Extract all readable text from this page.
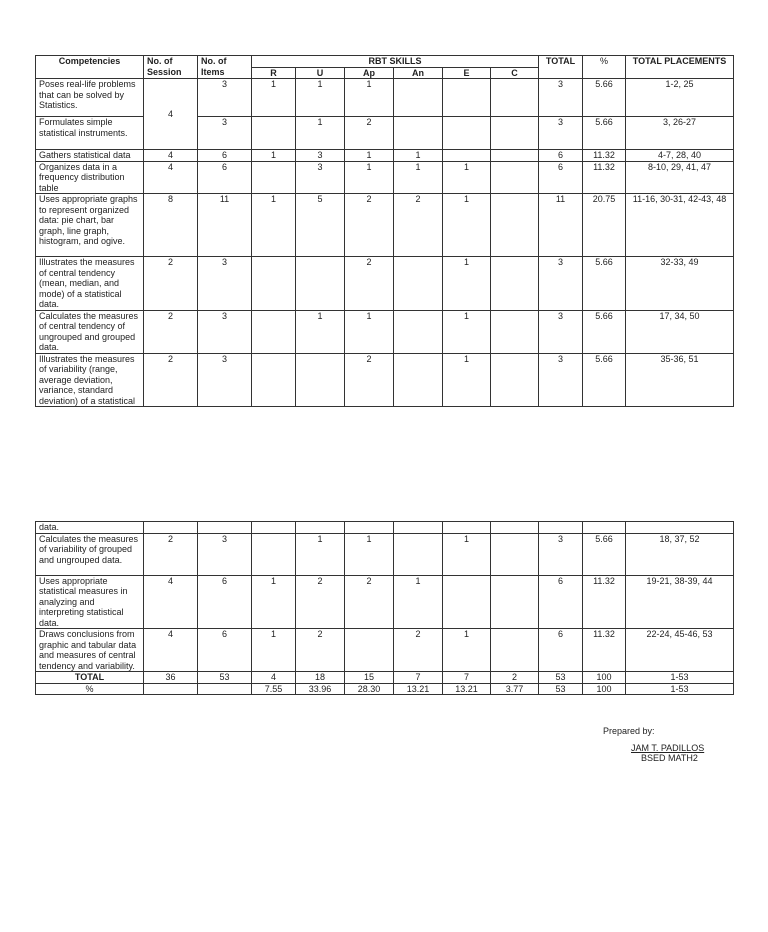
Competencies	No. of Session	No. of Items	RBT SKILLS						TOTAL	%	TOTAL PLACEMENTS
			R	U	Ap	An	E	C			
Poses real-life problems that can be solved by Statistics.	4	3	1	1	1				3	5.66	1-2, 25
Formulates simple statistical instruments.		3		1	2				3	5.66	3, 26-27
Gathers statistical data	4	6	1	3	1	1			6	11.32	4-7, 28, 40
Organizes data in a frequency distribution table	4	6		3	1	1	1		6	11.32	8-10, 29, 41, 47
Uses appropriate graphs to represent organized data: pie chart, bar graph, line graph, histogram, and ogive.	8	11	1	5	2	2	1		11	20.75	11-16, 30-31, 42-43, 48
Illustrates the measures of central tendency (mean, median, and mode) of a statistical data.	2	3			2		1		3	5.66	32-33, 49
Calculates the measures of central tendency of ungrouped and grouped data.	2	3		1	1		1		3	5.66	17, 34, 50
Illustrates the measures of variability (range, average deviation, variance, standard deviation) of a statistical	2	3			2		1		3	5.66	35-36, 51
data.											
Calculates the measures of variability of grouped and ungrouped data.	2	3		1	1		1		3	5.66	18, 37, 52
Uses appropriate statistical measures in analyzing and interpreting statistical data.	4	6	1	2	2	1			6	11.32	19-21, 38-39, 44
Draws conclusions from graphic and tabular data and measures of central tendency and variability.	4	6	1	2		2	1		6	11.32	22-24, 45-46, 53
TOTAL	36	53	4	18	15	7	7	2	53	100	1-53
%			7.55	33.96	28.30	13.21	13.21	3.77	53	100	1-53
Prepared by:
JAM T. PADILLOS
BSED MATH2
